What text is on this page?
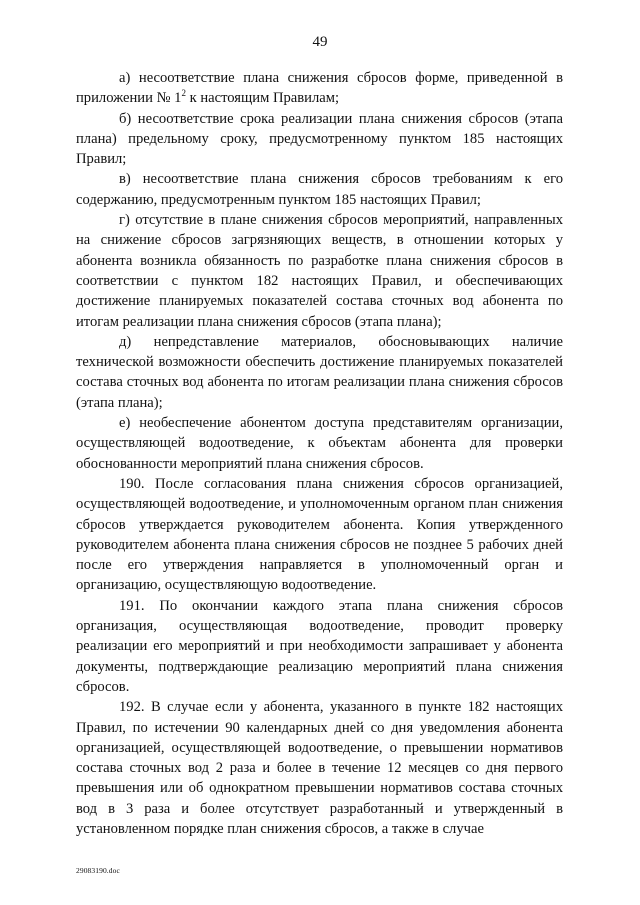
49

а) несоответствие плана снижения сбросов форме, приведенной в приложении № $1^2$ к настоящим Правилам;

б) несоответствие срока реализации плана снижения сбросов (этапа плана) предельному сроку, предусмотренному пунктом 185 настоящих Правил;

в) несоответствие плана снижения сбросов требованиям к его содержанию, предусмотренным пунктом 185 настоящих Правил;

г) отсутствие в плане снижения сбросов мероприятий, направленных на снижение сбросов загрязняющих веществ, в отношении которых у абонента возникла обязанность по разработке плана снижения сбросов в соответствии с пунктом 182 настоящих Правил, и обеспечивающих достижение планируемых показателей состава сточных вод абонента по итогам реализации плана снижения сбросов (этапа плана);

д) непредставление материалов, обосновывающих наличие технической возможности обеспечить достижение планируемых показателей состава сточных вод абонента по итогам реализации плана снижения сбросов (этапа плана);

е) необеспечение абонентом доступа представителям организации, осуществляющей водоотведение, к объектам абонента для проверки обоснованности мероприятий плана снижения сбросов.

190. После согласования плана снижения сбросов организацией, осуществляющей водоотведение, и уполномоченным органом план снижения сбросов утверждается руководителем абонента. Копия утвержденного руководителем абонента плана снижения сбросов не позднее 5 рабочих дней после его утверждения направляется в уполномоченный орган и организацию, осуществляющую водоотведение.

191. По окончании каждого этапа плана снижения сбросов организация, осуществляющая водоотведение, проводит проверку реализации его мероприятий и при необходимости запрашивает у абонента документы, подтверждающие реализацию мероприятий плана снижения сбросов.

192. В случае если у абонента, указанного в пункте 182 настоящих Правил, по истечении 90 календарных дней со дня уведомления абонента организацией, осуществляющей водоотведение, о превышении нормативов состава сточных вод 2 раза и более в течение 12 месяцев со дня первого превышения или об однократном превышении нормативов состава сточных вод в 3 раза и более отсутствует разработанный и утвержденный в установленном порядке план снижения сбросов, а также в случае

29083190.doc
